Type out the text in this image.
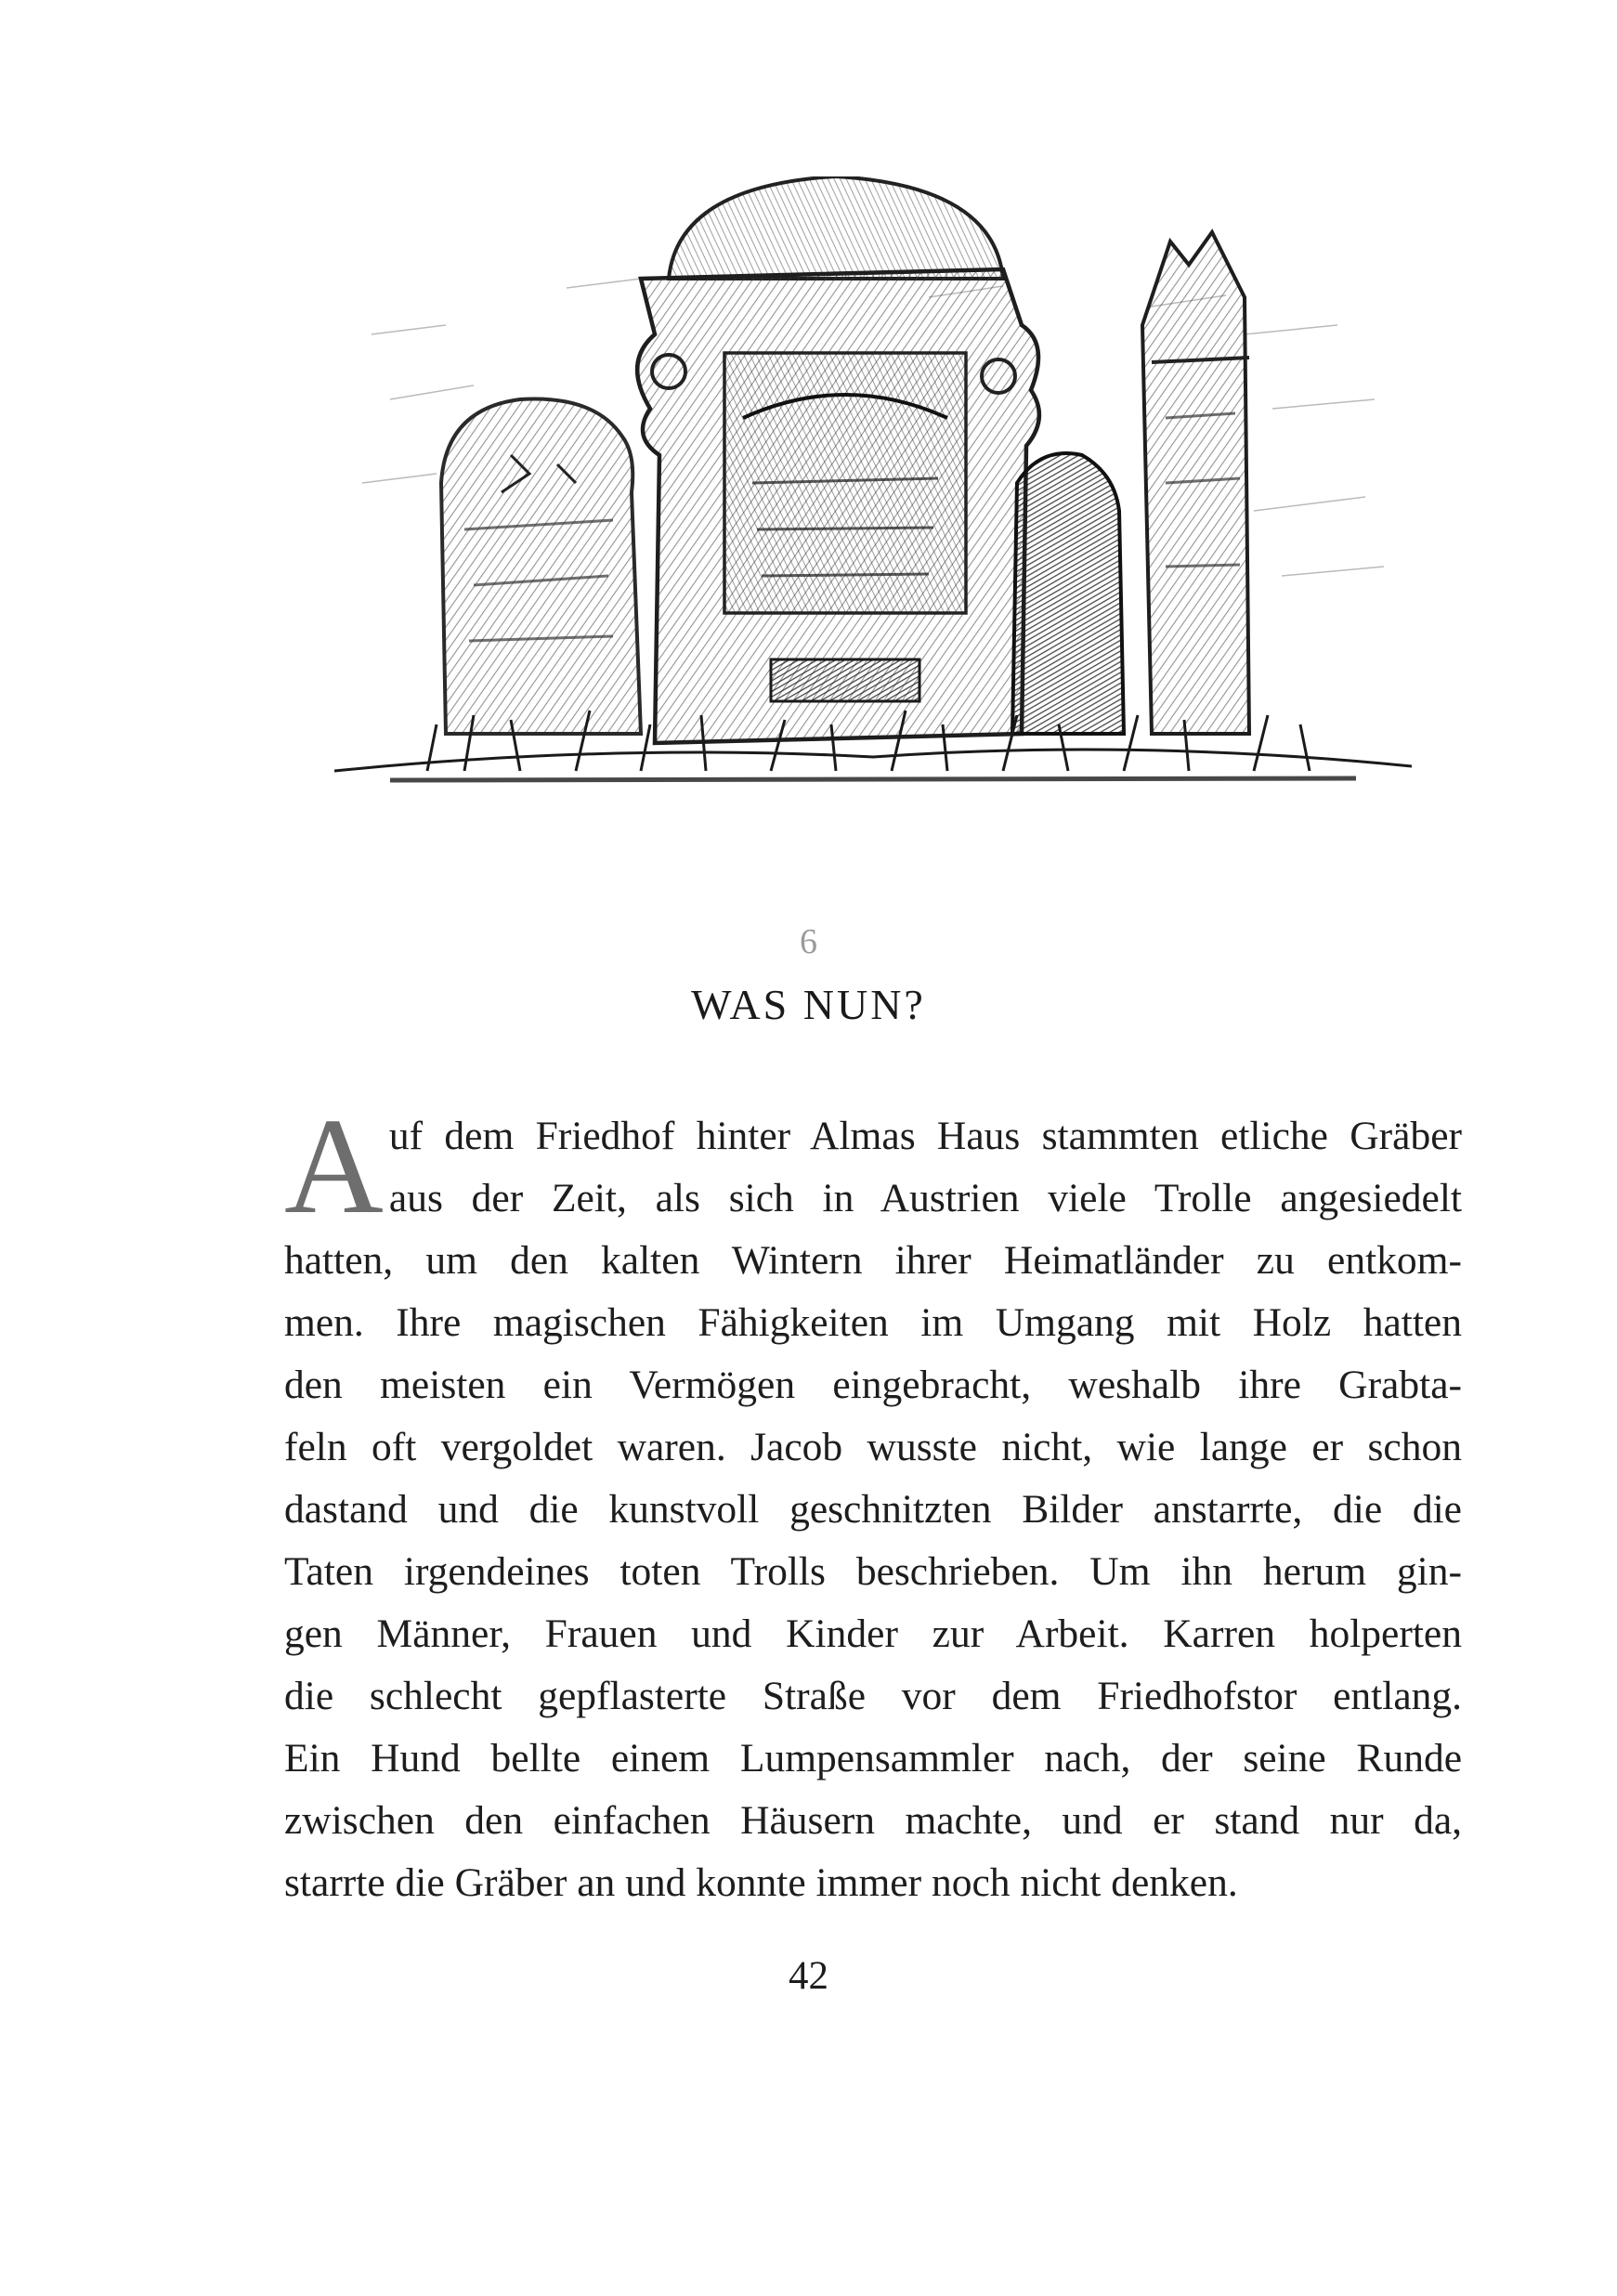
6
WAS NUN?
A uf dem Friedhof hinter Almas Haus stammten etliche Gräber
aus der Zeit, als sich in Austrien viele Trolle angesiedelt
hatten, um den kalten Wintern ihrer Heimatländer zu entkom-
men. Ihre magischen Fähigkeiten im Umgang mit Holz hatten
den meisten ein Vermögen eingebracht, weshalb ihre Grabta-
feln oft vergoldet waren. Jacob wusste nicht, wie lange er schon
dastand und die kunstvoll geschnitzten Bilder anstarrte, die die
Taten irgendeines toten Trolls beschrieben. Um ihn herum gin-
gen Männer, Frauen und Kinder zur Arbeit. Karren holperten
die schlecht gepflasterte Straße vor dem Friedhofstor entlang.
Ein Hund bellte einem Lumpensammler nach, der seine Runde
zwischen den einfachen Häusern machte, und er stand nur da,
starrte die Gräber an und konnte immer noch nicht denken.
42
